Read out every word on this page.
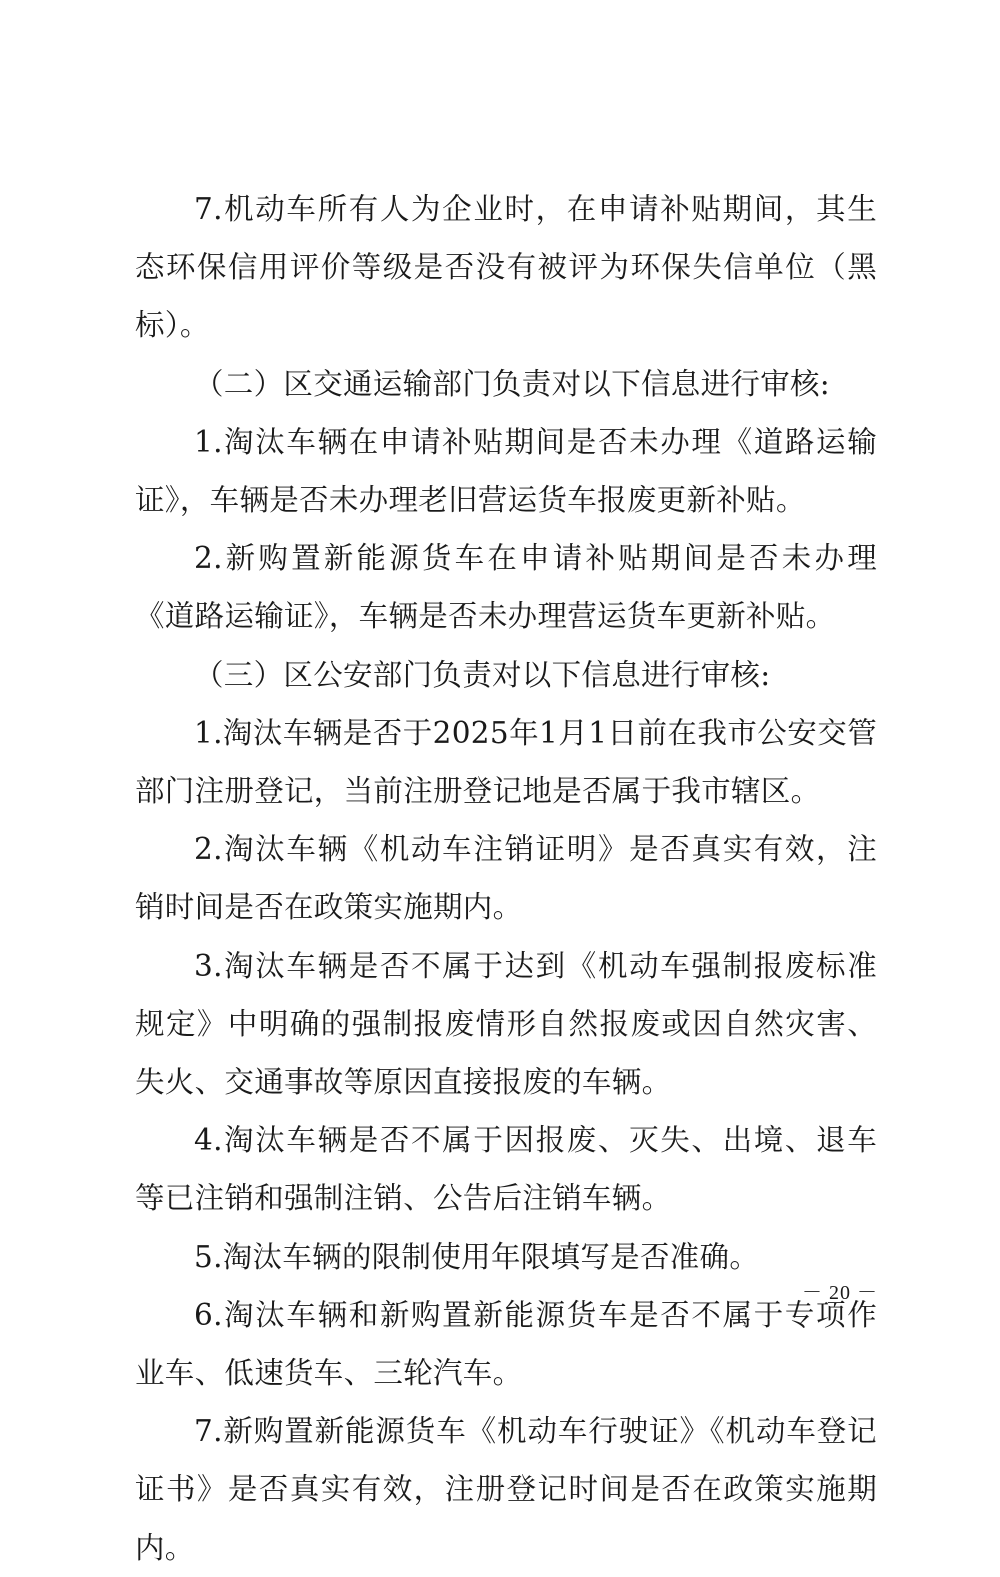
7.机动车所有人为企业时，在申请补贴期间，其生态环保信用评价等级是否没有被评为环保失信单位（黑标）。

（二）区交通运输部门负责对以下信息进行审核:

1.淘汰车辆在申请补贴期间是否未办理《道路运输证》，车辆是否未办理老旧营运货车报废更新补贴。

2.新购置新能源货车在申请补贴期间是否未办理《道路运输证》，车辆是否未办理营运货车更新补贴。

（三）区公安部门负责对以下信息进行审核:

1.淘汰车辆是否于2025年1月1日前在我市公安交管部门注册登记，当前注册登记地是否属于我市辖区。

2.淘汰车辆《机动车注销证明》是否真实有效，注销时间是否在政策实施期内。

3.淘汰车辆是否不属于达到《机动车强制报废标准规定》中明确的强制报废情形自然报废或因自然灾害、失火、交通事故等原因直接报废的车辆。

4.淘汰车辆是否不属于因报废、灭失、出境、退车等已注销和强制注销、公告后注销车辆。

5.淘汰车辆的限制使用年限填写是否准确。

6.淘汰车辆和新购置新能源货车是否不属于专项作业车、低速货车、三轮汽车。

7.新购置新能源货车《机动车行驶证》《机动车登记证书》是否真实有效，注册登记时间是否在政策实施期内。

－ 20 －
